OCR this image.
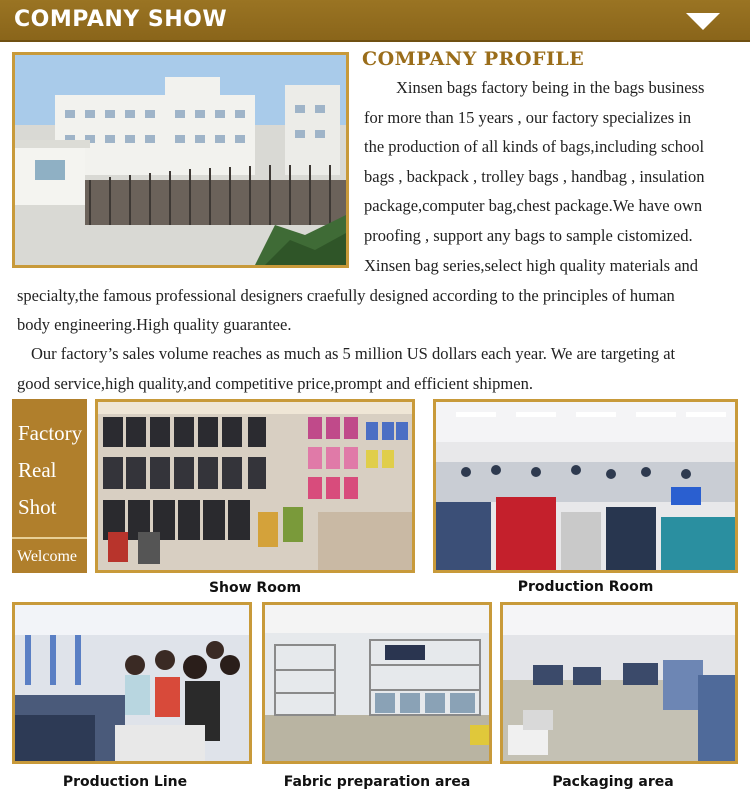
COMPANY SHOW
COMPANY PROFILE
Xinsen bags factory being in the bags business
for more than 15 years , our factory specializes in
the production of all kinds of bags,including school
bags , backpack , trolley bags , handbag , insulation
package,computer bag,chest package.We have own
proofing , support any bags to sample cistomized.
Xinsen bag series,select high quality materials and
specialty,the famous professional designers craefully designed according to the principles of human
body engineering.High quality guarantee.
Our factory’s sales volume reaches as much as 5 million US dollars each year. We are targeting at
good service,high quality,and competitive price,prompt and efficient shipmen.
Factory
Real
Shot
Welcome
Show Room	Production Room
Production Line	Fabric preparation area	Packaging area
